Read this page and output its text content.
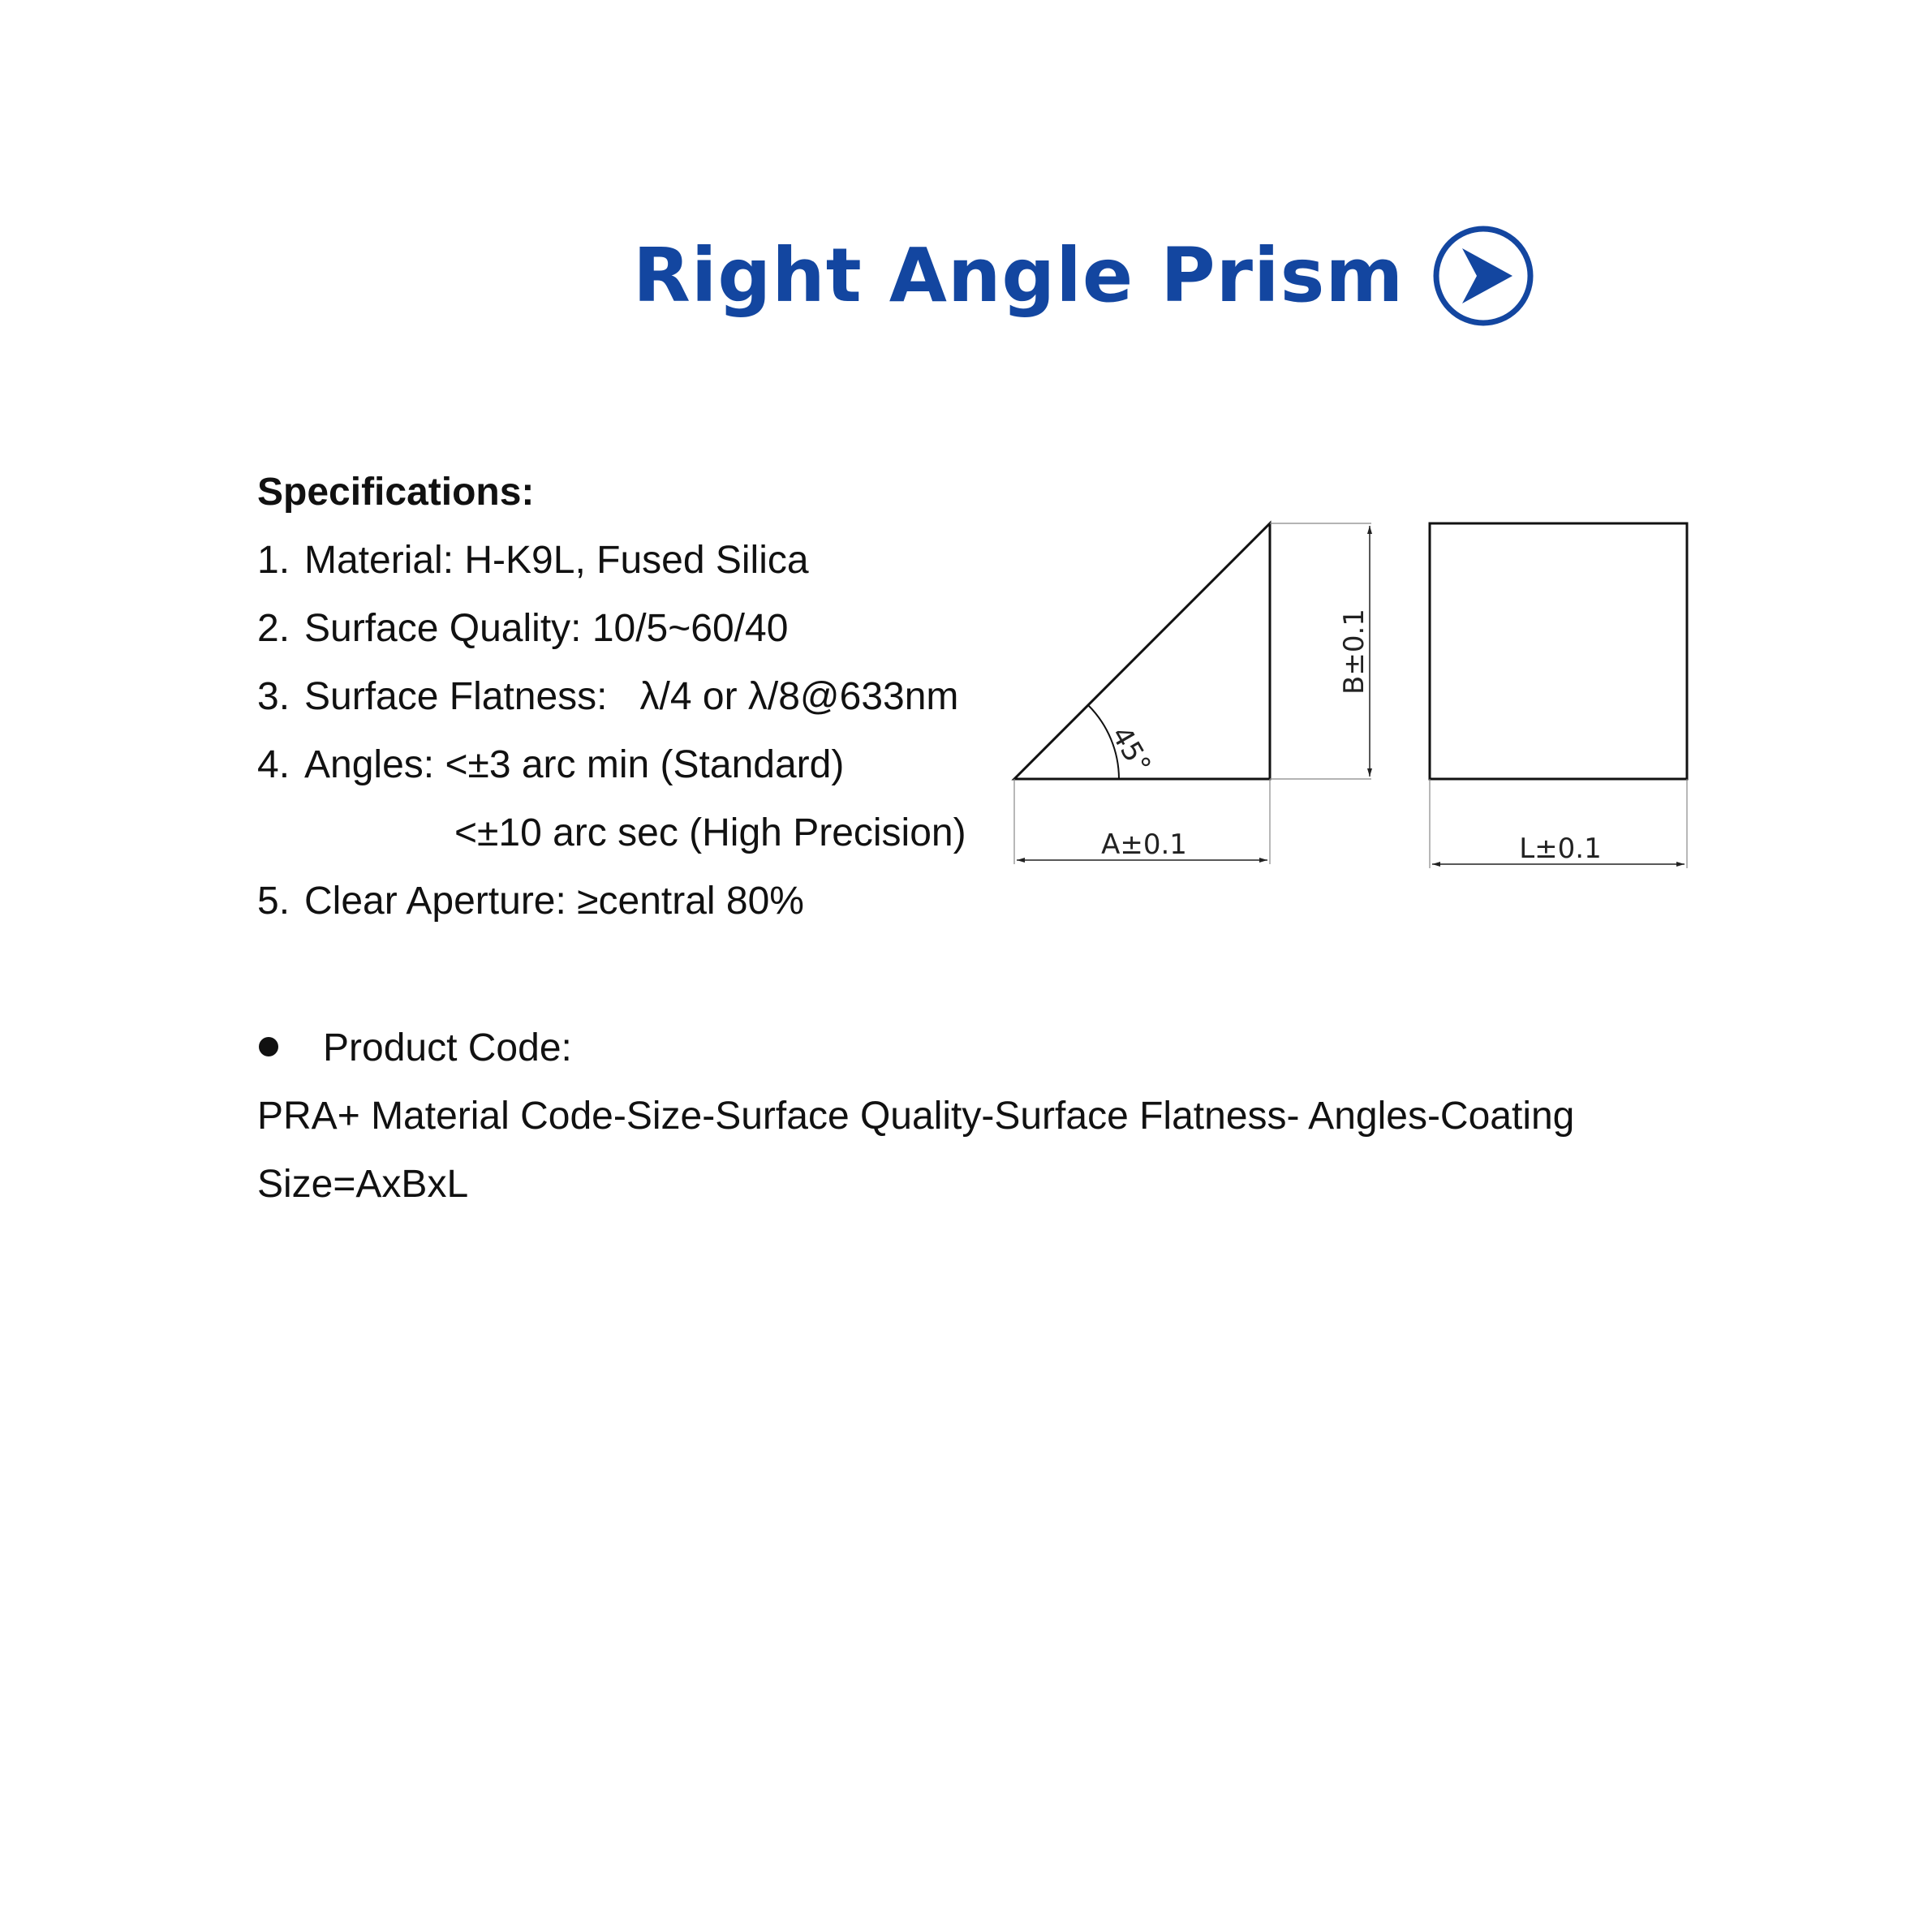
Right Angle Prism
Specifications:
1. Material: H-K9L, Fused Silica
2. Surface Quality: 10/5~60/40
3. Surface Flatness: λ/4 or λ/8@633nm
4. Angles: <±3 arc min (Standard)
<±10 arc sec (High Precision)
5. Clear Aperture: ≥central 80%
45°
B±0.1
A±0.1	L±0.1
Product Code:
PRA+ Material Code-Size-Surface Quality-Surface Flatness- Angles-Coating
Size=AxBxL
